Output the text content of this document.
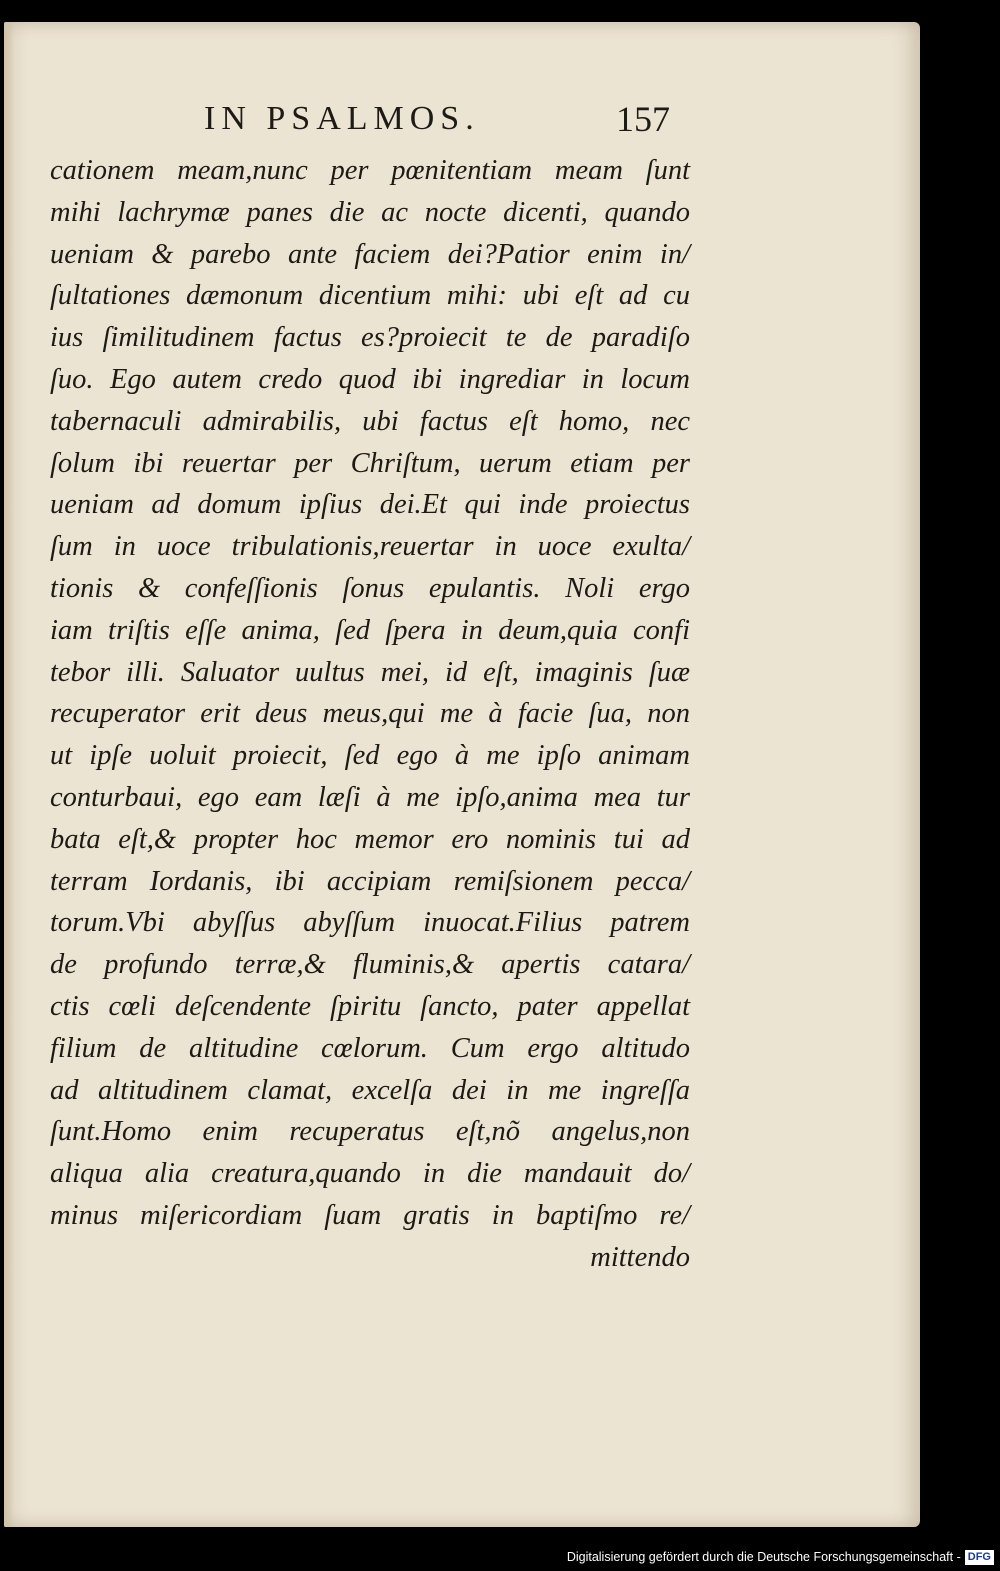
IN PSALMOS.	157
cationem meam,nunc per pœnitentiam meam ſunt
mihi lachrymæ panes die ac nocte dicenti, quando
ueniam & parebo ante faciem dei?Patior enim in/
ſultationes dæmonum dicentium mihi: ubi eſt ad cu
ius ſimilitudinem factus es?proiecit te de paradiſo
ſuo. Ego autem credo quod ibi ingrediar in locum
tabernaculi admirabilis, ubi factus eſt homo, nec
ſolum ibi reuertar per Chriſtum, uerum etiam per
ueniam ad domum ipſius dei.Et qui inde proiectus
ſum in uoce tribulationis,reuertar in uoce exulta/
tionis & confeſſionis ſonus epulantis. Noli ergo
iam triſtis eſſe anima, ſed ſpera in deum,quia confi
tebor illi. Saluator uultus mei, id eſt, imaginis ſuæ
recuperator erit deus meus,qui me à facie ſua, non
ut ipſe uoluit proiecit, ſed ego à me ipſo animam
conturbaui, ego eam læſi à me ipſo,anima mea tur
bata eſt,& propter hoc memor ero nominis tui ad
terram Iordanis, ibi accipiam remiſsionem pecca/
torum.Vbi abyſſus abyſſum inuocat.Filius patrem
de profundo terræ,& fluminis,& apertis catara/
ctis cœli deſcendente ſpiritu ſancto, pater appellat
filium de altitudine cœlorum. Cum ergo altitudo
ad altitudinem clamat, excelſa dei in me ingreſſa
ſunt.Homo enim recuperatus eſt,nõ angelus,non
aliqua alia creatura,quando in die mandauit do/
minus miſericordiam ſuam gratis in baptiſmo re/
mittendo
Digitalisierung gefördert durch die Deutsche Forschungsgemeinschaft - DFG
